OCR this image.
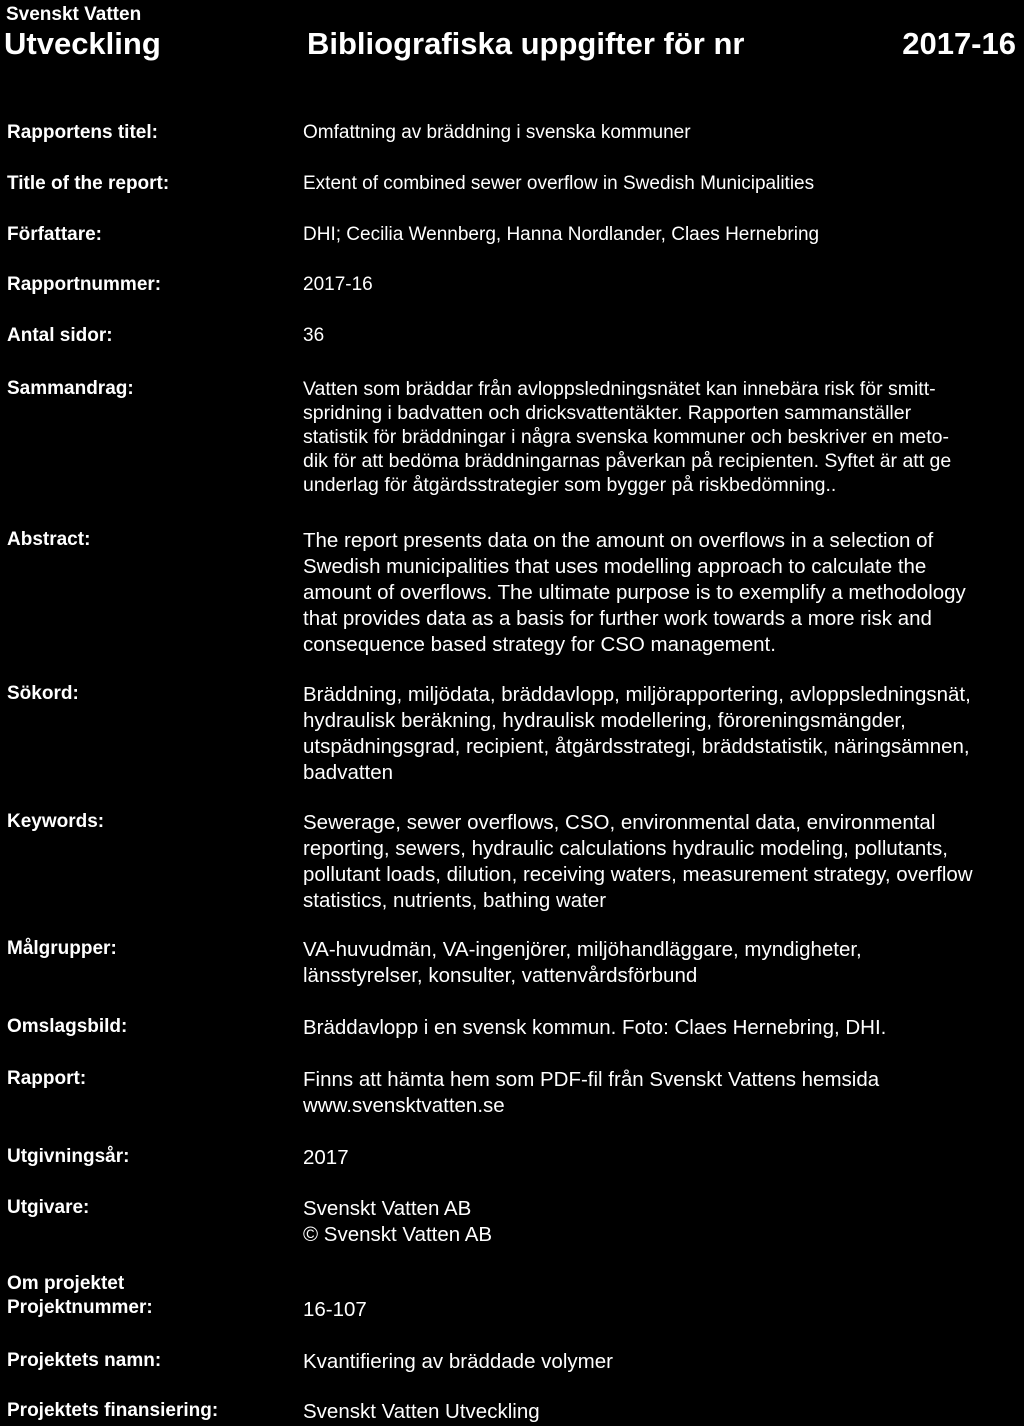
Svenskt Vatten
Utveckling	Bibliografiska uppgifter för nr	2017-16
Rapportens titel:	Omfattning av bräddning i svenska kommuner
Title of the report:	Extent of combined sewer overflow in Swedish Municipalities
Författare:	DHI; Cecilia Wennberg, Hanna Nordlander, Claes Hernebring
Rapportnummer:	2017-16
Antal sidor:	36
Sammandrag:	Vatten som bräddar från avloppsledningsnätet kan innebära risk för smitt-
spridning i badvatten och dricksvattentäkter. Rapporten sammanställer
statistik för bräddningar i några svenska kommuner och beskriver en meto-
dik för att bedöma bräddningarnas påverkan på recipienten. Syftet är att ge
underlag för åtgärdsstrategier som bygger på riskbedömning..
Abstract:	The report presents data on the amount on overflows in a selection of
Swedish municipalities that uses modelling approach to calculate the
amount of overflows. The ultimate purpose is to exemplify a methodology
that provides data as a basis for further work towards a more risk and
consequence based strategy for CSO management.
Sökord:	Bräddning, miljödata, bräddavlopp, miljörapportering, avloppsledningsnät,
hydraulisk beräkning, hydraulisk modellering, föroreningsmängder,
utspädningsgrad, recipient, åtgärdsstrategi, bräddstatistik, näringsämnen,
badvatten
Keywords:	Sewerage, sewer overflows, CSO, environmental data, environmental
reporting, sewers, hydraulic calculations hydraulic modeling, pollutants,
pollutant loads, dilution, receiving waters, measurement strategy, overflow
statistics, nutrients, bathing water
Målgrupper:	VA-huvudmän, VA-ingenjörer, miljöhandläggare, myndigheter,
länsstyrelser, konsulter, vattenvårdsförbund
Omslagsbild:	Bräddavlopp i en svensk kommun. Foto: Claes Hernebring, DHI.
Rapport:	Finns att hämta hem som PDF-fil från Svenskt Vattens hemsida
www.svensktvatten.se
Utgivningsår:	2017
Utgivare:	Svenskt Vatten AB
© Svenskt Vatten AB
Om projektet
Projektnummer:	16-107
Projektets namn:	Kvantifiering av bräddade volymer
Projektets finansiering:	Svenskt Vatten Utveckling
